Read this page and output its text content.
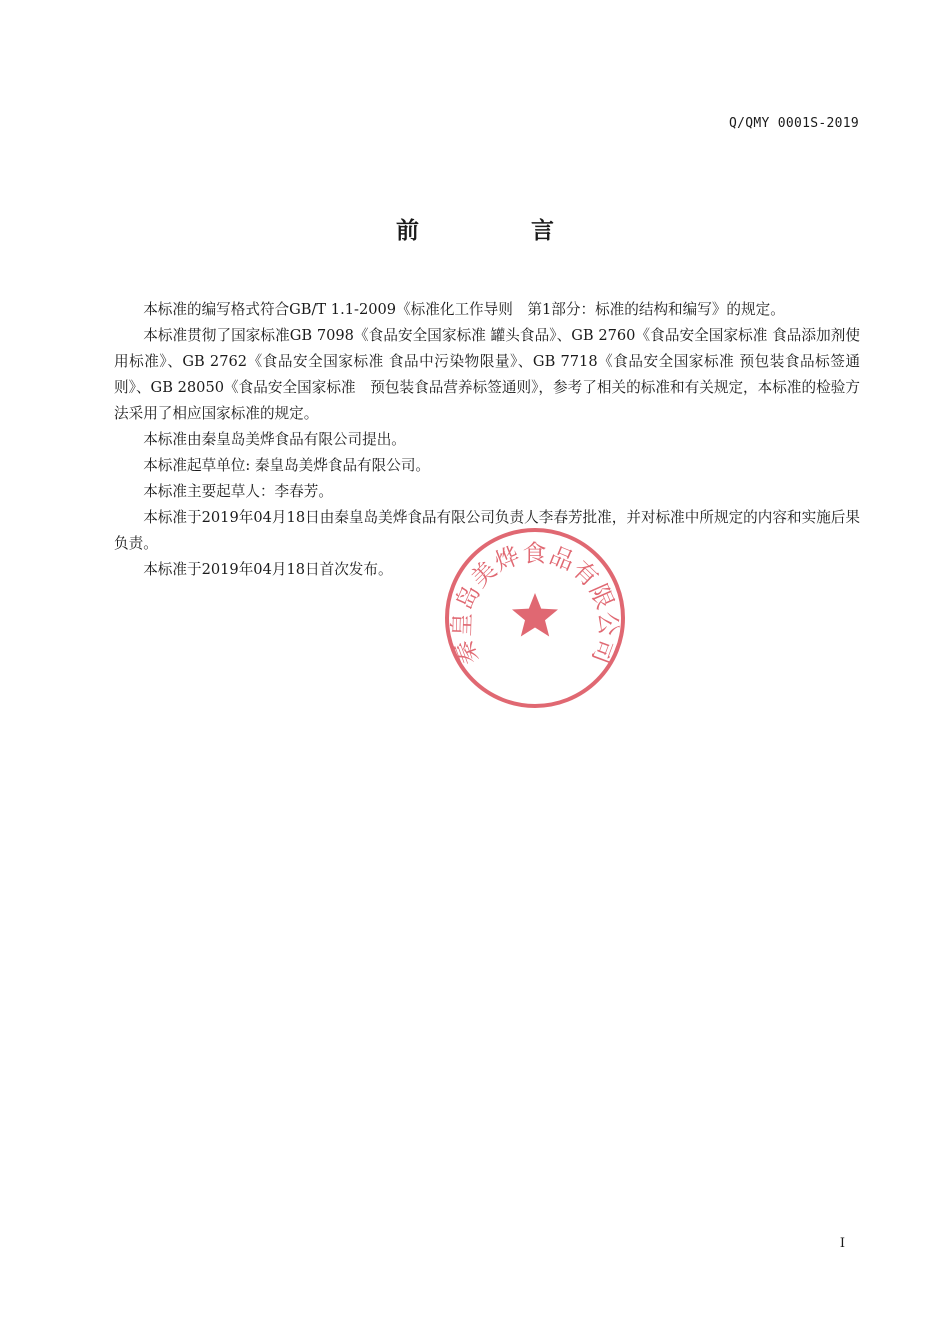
Q/QMY 0001S-2019
前言

本标准的编写格式符合GB/T 1.1-2009《标准化工作导则　第1部分：标准的结构和编写》的规定。

本标准贯彻了国家标准GB 7098《食品安全国家标准 罐头食品》、GB 2760《食品安全国家标准 食品添加剂使用标准》、GB 2762《食品安全国家标准 食品中污染物限量》、GB 7718《食品安全国家标准 预包装食品标签通则》、GB 28050《食品安全国家标准　预包装食品营养标签通则》，参考了相关的标准和有关规定，本标准的检验方法采用了相应国家标准的规定。

本标准由秦皇岛美烨食品有限公司提出。

本标准起草单位: 秦皇岛美烨食品有限公司。

本标准主要起草人：李春芳。

本标准于2019年04月18日由秦皇岛美烨食品有限公司负责人李春芳批准，并对标准中所规定的内容和实施后果负责。

本标准于2019年04月18日首次发布。

秦皇岛美烨食品有限公司
I
